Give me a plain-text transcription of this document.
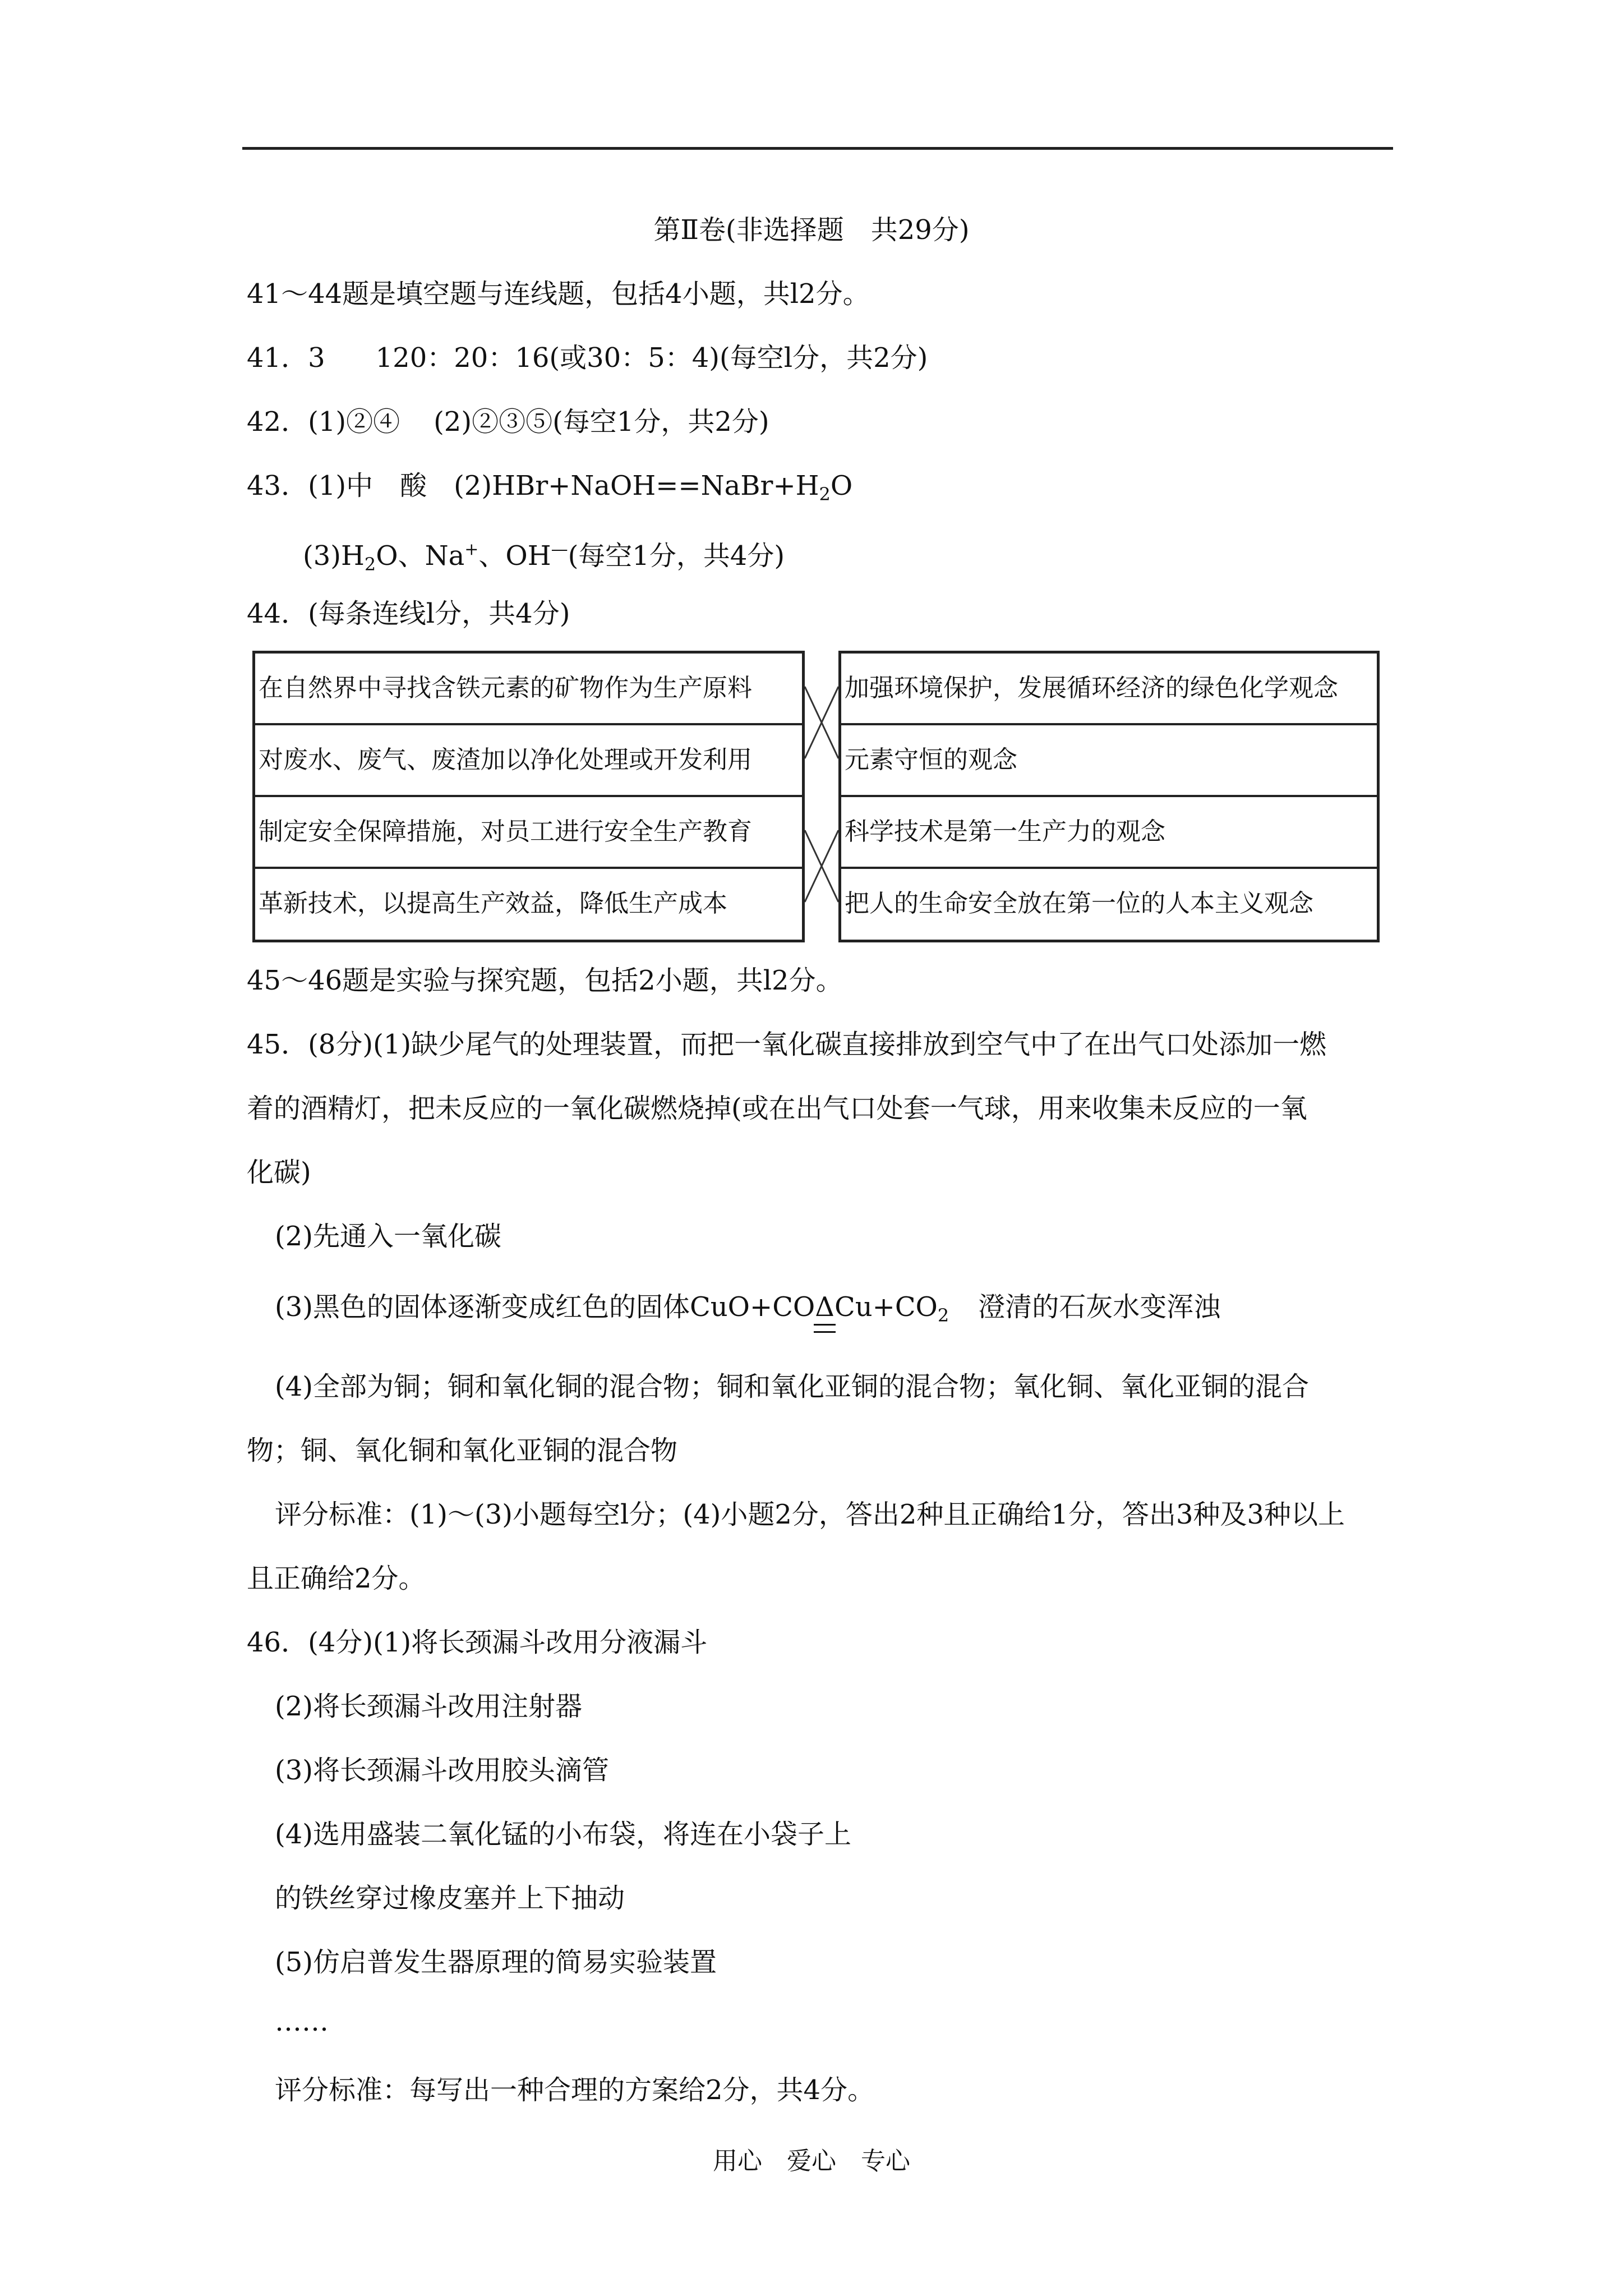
第Ⅱ卷(非选择题　共29分)
41～44题是填空题与连线题，包括4小题，共l2分。
41．3 120：20：16(或30：5：4)(每空l分，共2分)
42．(1)②④ (2)②③⑤(每空1分，共2分)
43．(1)中　酸　$(2)HBr+NaOH==NaBr+H_2O$
$(3)H_2O$、Na+、OH—(每空1分，共4分)
44．(每条连线l分，共4分)
在自然界中寻找含铁元素的矿物作为生产原料
对废水、废气、废渣加以净化处理或开发利用
制定安全保障措施，对员工进行安全生产教育
革新技术，以提高生产效益，降低生产成本
加强环境保护，发展循环经济的绿色化学观念
元素守恒的观念
科学技术是第一生产力的观念
把人的生命安全放在第一位的人本主义观念
45～46题是实验与探究题，包括2小题，共l2分。
45．(8分)(1)缺少尾气的处理装置，而把一氧化碳直接排放到空气中了在出气口处添加一燃
着的酒精灯，把未反应的一氧化碳燃烧掉(或在出气口处套一气球，用来收集未反应的一氧
化碳)
(2)先通入一氧化碳
(3)黑色的固体逐渐变成红色的固体$CuO+CO\Delta Cu+CO_2$ 澄清的石灰水变浑浊
(4)全部为铜；铜和氧化铜的混合物；铜和氧化亚铜的混合物；氧化铜、氧化亚铜的混合
物；铜、氧化铜和氧化亚铜的混合物
评分标准：(1)～(3)小题每空l分；(4)小题2分，答出2种且正确给1分，答出3种及3种以上
且正确给2分。
46．(4分)(1)将长颈漏斗改用分液漏斗
(2)将长颈漏斗改用注射器
(3)将长颈漏斗改用胶头滴管
(4)选用盛装二氧化锰的小布袋，将连在小袋子上
的铁丝穿过橡皮塞并上下抽动
(5)仿启普发生器原理的简易实验装置
……
评分标准：每写出一种合理的方案给2分，共4分。
用心　爱心　专心
